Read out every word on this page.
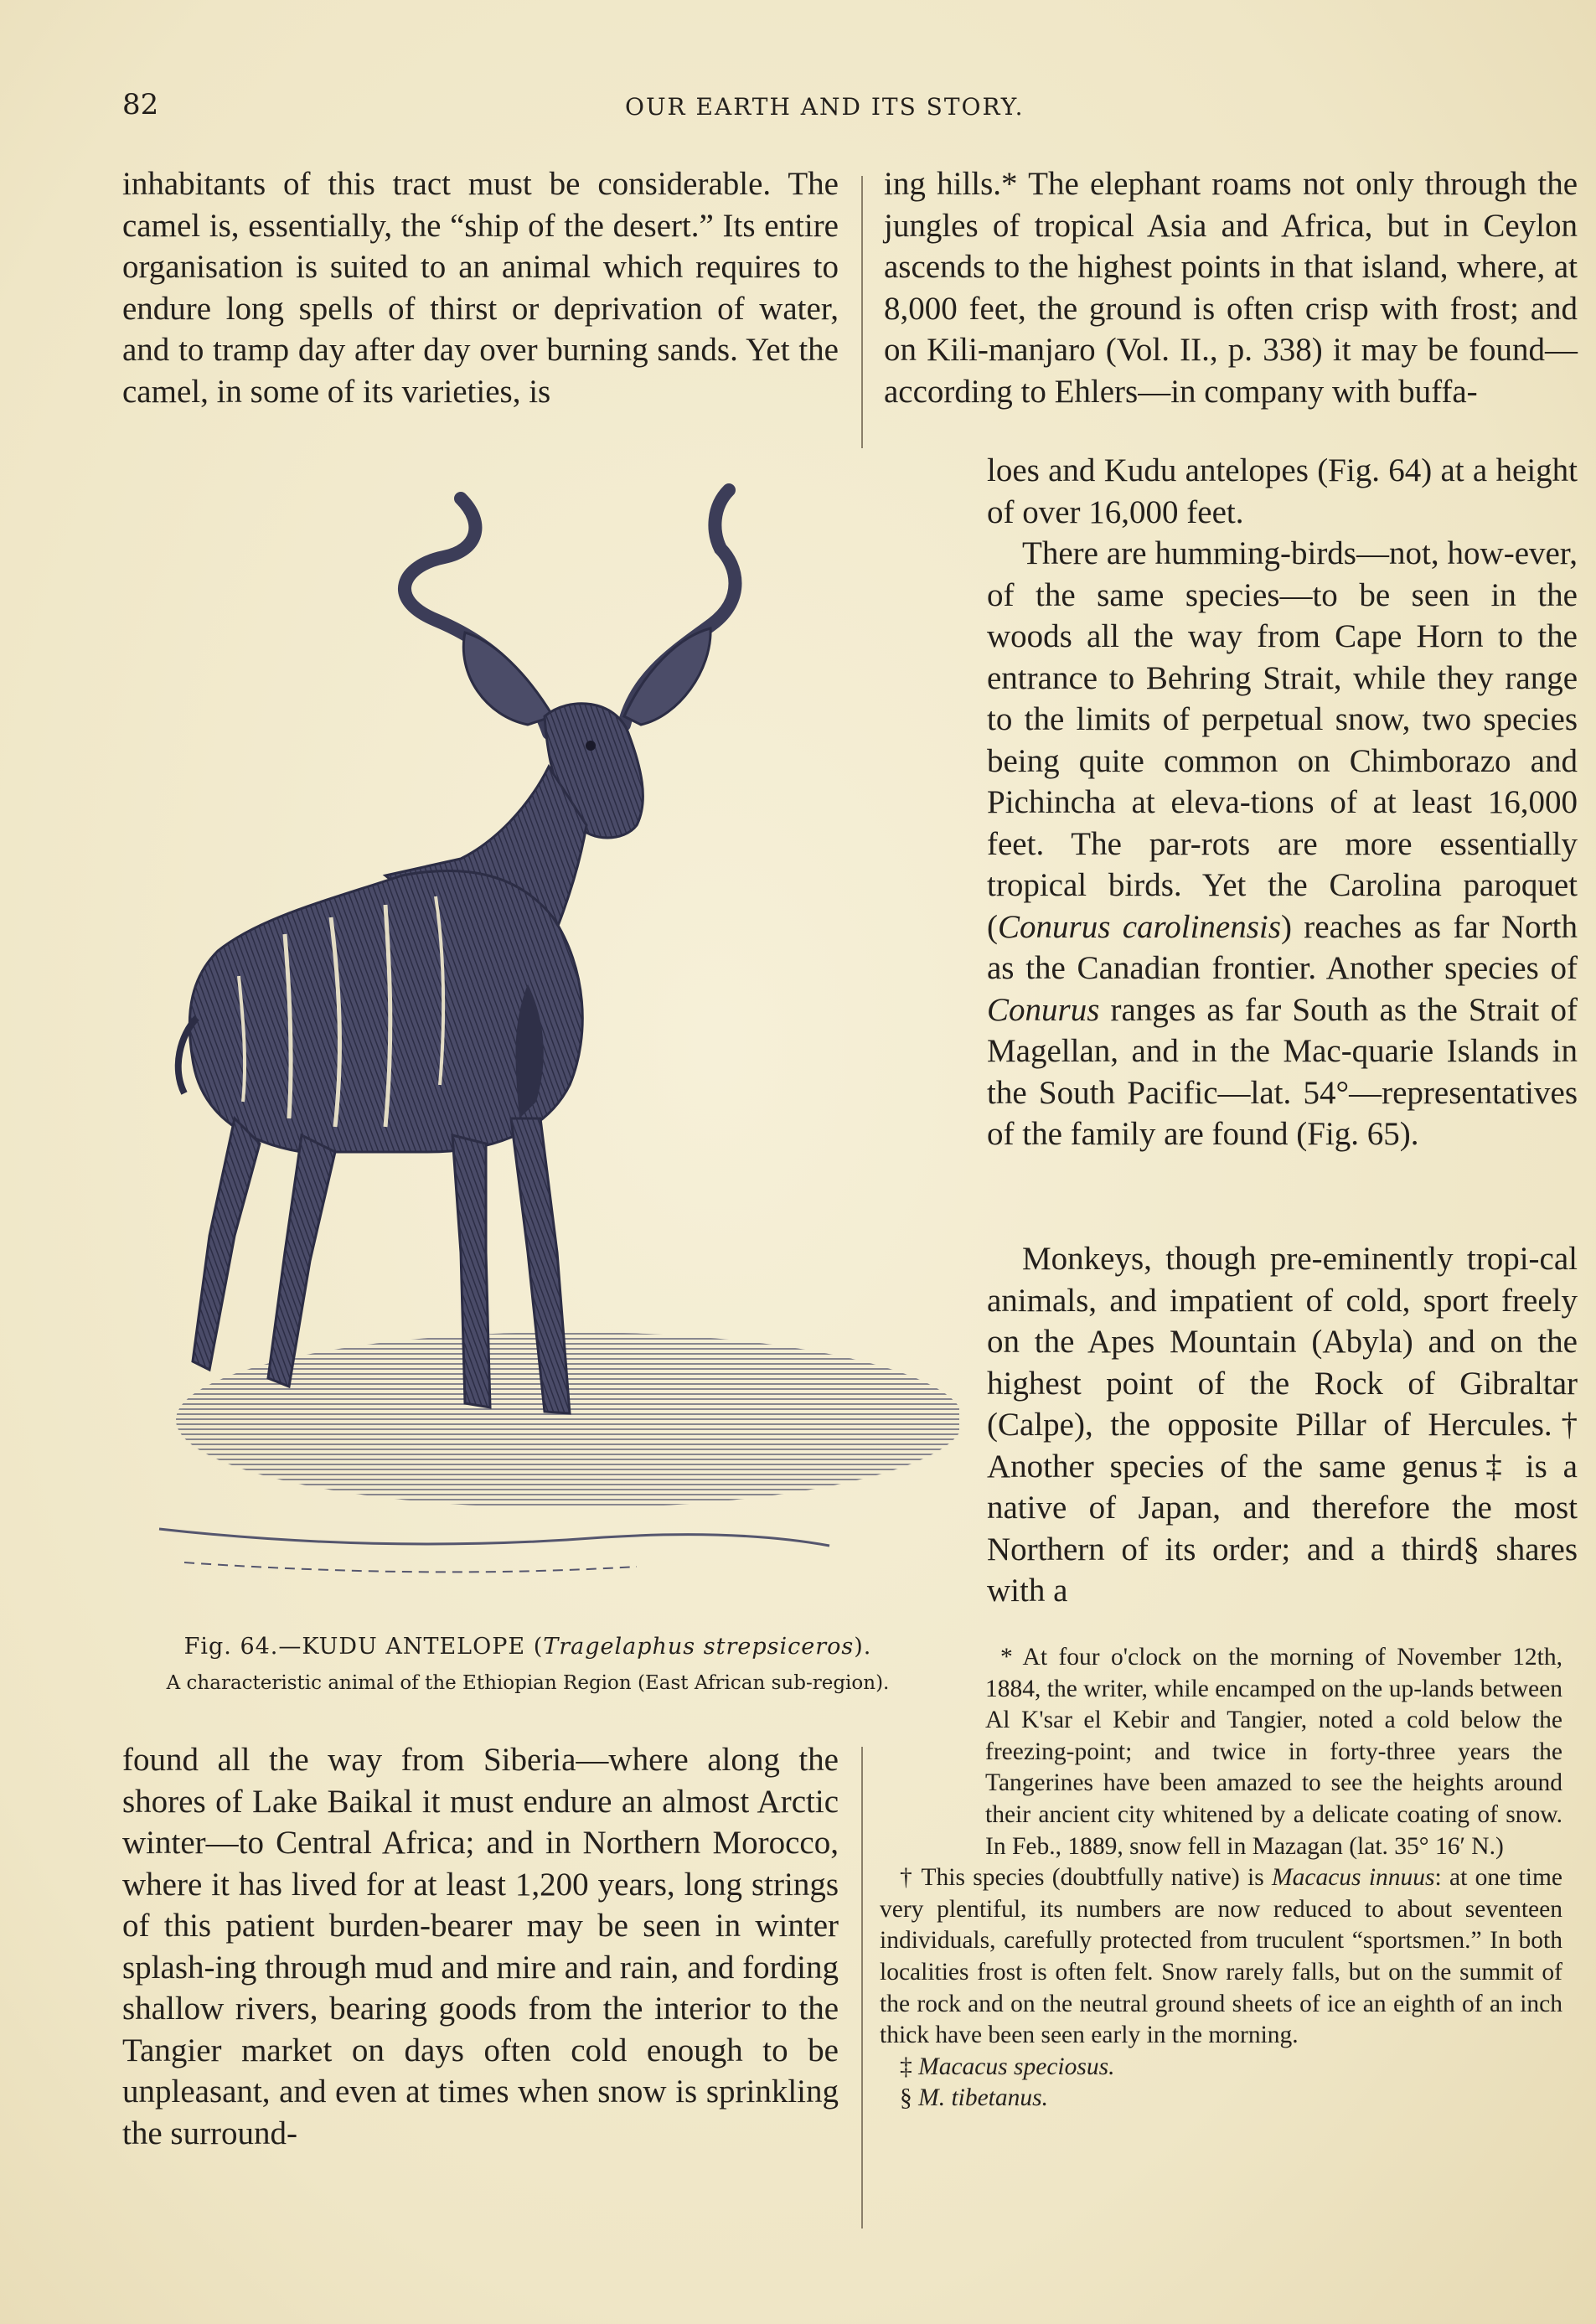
82	OUR EARTH AND ITS STORY.

inhabitants of this tract must be considerable. The camel is, essentially, the “ship of the desert.” Its entire organisation is suited to an animal which requires to endure long spells of thirst or deprivation of water, and to tramp day after day over burning sands. Yet the camel, in some of its varieties, is

ing hills.* The elephant roams not only through the jungles of tropical Asia and Africa, but in Ceylon ascends to the highest points in that island, where, at 8,000 feet, the ground is often crisp with frost; and on Kili-manjaro (Vol. II., p. 338) it may be found—according to Ehlers—in company with buffa-

loes and Kudu antelopes (Fig. 64) at a height of over 16,000 feet.

There are humming-birds—not, how-ever, of the same species—to be seen in the woods all the way from Cape Horn to the entrance to Behring Strait, while they range to the limits of perpetual snow, two species being quite common on Chimborazo and Pichincha at eleva-tions of at least 16,000 feet. The par-rots are more essentially tropical birds. Yet the Carolina paroquet (Conurus carolinensis) reaches as far North as the Canadian frontier. Another species of Conurus ranges as far South as the Strait of Magellan, and in the Mac-quarie Islands in the South Pacific—lat. 54°—representatives of the family are found (Fig. 65).

Monkeys, though pre-eminently tropi-cal animals, and impatient of cold, sport freely on the Apes Mountain (Abyla) and on the highest point of the Rock of Gibraltar (Calpe), the opposite Pillar of Hercules.† Another species of the same genus‡ is a native of Japan, and therefore the most Northern of its order; and a third§ shares with a

Fig. 64.—KUDU ANTELOPE (Tragelaphus strepsiceros).
A characteristic animal of the Ethiopian Region (East African sub-region).

found all the way from Siberia—where along the shores of Lake Baikal it must endure an almost Arctic winter—to Central Africa; and in Northern Morocco, where it has lived for at least 1,200 years, long strings of this patient burden-bearer may be seen in winter splash-ing through mud and mire and rain, and fording shallow rivers, bearing goods from the interior to the Tangier market on days often cold enough to be unpleasant, and even at times when snow is sprinkling the surround-

* At four o'clock on the morning of November 12th, 1884, the writer, while encamped on the up-lands between Al K'sar el Kebir and Tangier, noted a cold below the freezing-point; and twice in forty-three years the Tangerines have been amazed to see the heights around their ancient city whitened by a delicate coating of snow. In Feb., 1889, snow fell in Mazagan (lat. 35° 16′ N.)

† This species (doubtfully native) is Macacus innuus: at one time very plentiful, its numbers are now reduced to about seventeen individuals, carefully protected from truculent “sportsmen.” In both localities frost is often felt. Snow rarely falls, but on the summit of the rock and on the neutral ground sheets of ice an eighth of an inch thick have been seen early in the morning.

‡ Macacus speciosus.

§ M. tibetanus.
